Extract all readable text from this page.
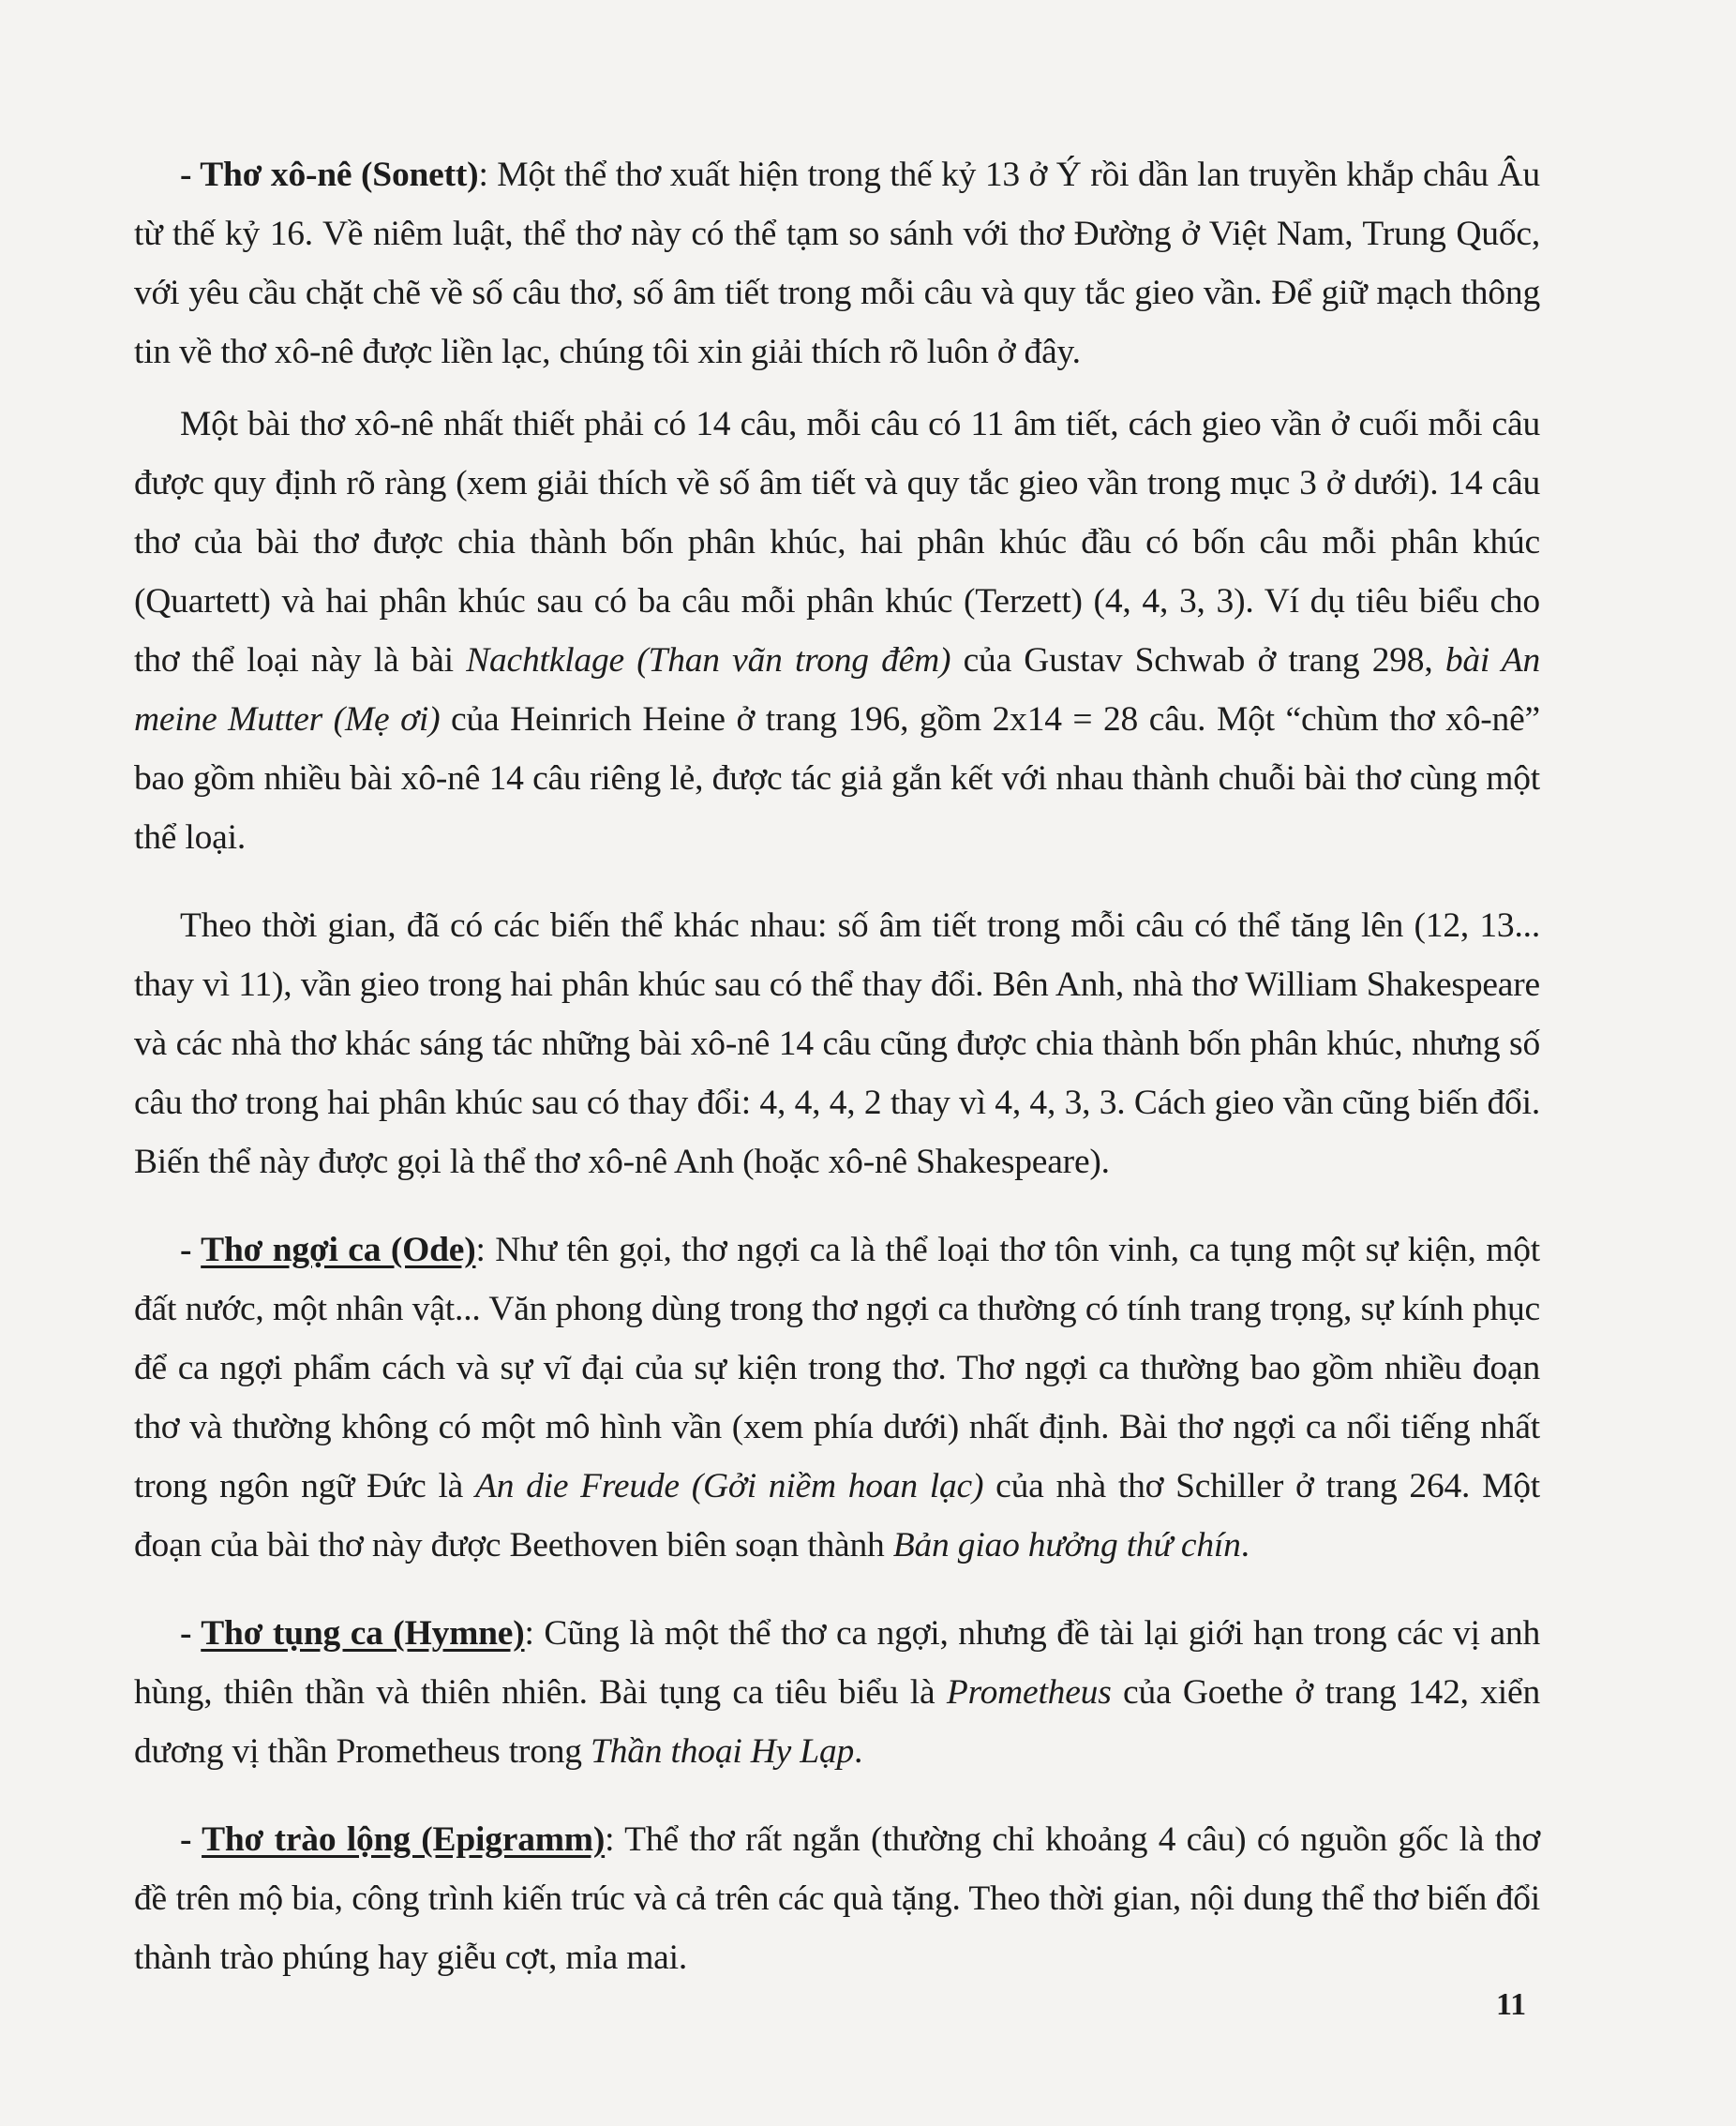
- Thơ xô-nê (Sonett): Một thể thơ xuất hiện trong thế kỷ 13 ở Ý rồi dần lan truyền khắp châu Âu từ thế kỷ 16. Về niêm luật, thể thơ này có thể tạm so sánh với thơ Đường ở Việt Nam, Trung Quốc, với yêu cầu chặt chẽ về số câu thơ, số âm tiết trong mỗi câu và quy tắc gieo vần. Để giữ mạch thông tin về thơ xô-nê được liền lạc, chúng tôi xin giải thích rõ luôn ở đây.

Một bài thơ xô-nê nhất thiết phải có 14 câu, mỗi câu có 11 âm tiết, cách gieo vần ở cuối mỗi câu được quy định rõ ràng (xem giải thích về số âm tiết và quy tắc gieo vần trong mục 3 ở dưới). 14 câu thơ của bài thơ được chia thành bốn phân khúc, hai phân khúc đầu có bốn câu mỗi phân khúc (Quartett) và hai phân khúc sau có ba câu mỗi phân khúc (Terzett) (4, 4, 3, 3). Ví dụ tiêu biểu cho thơ thể loại này là bài Nachtklage (Than vãn trong đêm) của Gustav Schwab ở trang 298, bài An meine Mutter (Mẹ ơi) của Heinrich Heine ở trang 196, gồm 2x14 = 28 câu. Một “chùm thơ xô-nê” bao gồm nhiều bài xô-nê 14 câu riêng lẻ, được tác giả gắn kết với nhau thành chuỗi bài thơ cùng một thể loại.

Theo thời gian, đã có các biến thể khác nhau: số âm tiết trong mỗi câu có thể tăng lên (12, 13... thay vì 11), vần gieo trong hai phân khúc sau có thể thay đổi. Bên Anh, nhà thơ William Shakespeare và các nhà thơ khác sáng tác những bài xô-nê 14 câu cũng được chia thành bốn phân khúc, nhưng số câu thơ trong hai phân khúc sau có thay đổi: 4, 4, 4, 2 thay vì 4, 4, 3, 3. Cách gieo vần cũng biến đổi. Biến thể này được gọi là thể thơ xô-nê Anh (hoặc xô-nê Shakespeare).

- Thơ ngợi ca (Ode): Như tên gọi, thơ ngợi ca là thể loại thơ tôn vinh, ca tụng một sự kiện, một đất nước, một nhân vật... Văn phong dùng trong thơ ngợi ca thường có tính trang trọng, sự kính phục để ca ngợi phẩm cách và sự vĩ đại của sự kiện trong thơ. Thơ ngợi ca thường bao gồm nhiều đoạn thơ và thường không có một mô hình vần (xem phía dưới) nhất định. Bài thơ ngợi ca nổi tiếng nhất trong ngôn ngữ Đức là An die Freude (Gởi niềm hoan lạc) của nhà thơ Schiller ở trang 264. Một đoạn của bài thơ này được Beethoven biên soạn thành Bản giao hưởng thứ chín.

- Thơ tụng ca (Hymne): Cũng là một thể thơ ca ngợi, nhưng đề tài lại giới hạn trong các vị anh hùng, thiên thần và thiên nhiên. Bài tụng ca tiêu biểu là Prometheus của Goethe ở trang 142, xiển dương vị thần Prometheus trong Thần thoại Hy Lạp.

- Thơ trào lộng (Epigramm): Thể thơ rất ngắn (thường chỉ khoảng 4 câu) có nguồn gốc là thơ đề trên mộ bia, công trình kiến trúc và cả trên các quà tặng. Theo thời gian, nội dung thể thơ biến đổi thành trào phúng hay giễu cợt, mỉa mai.

11
